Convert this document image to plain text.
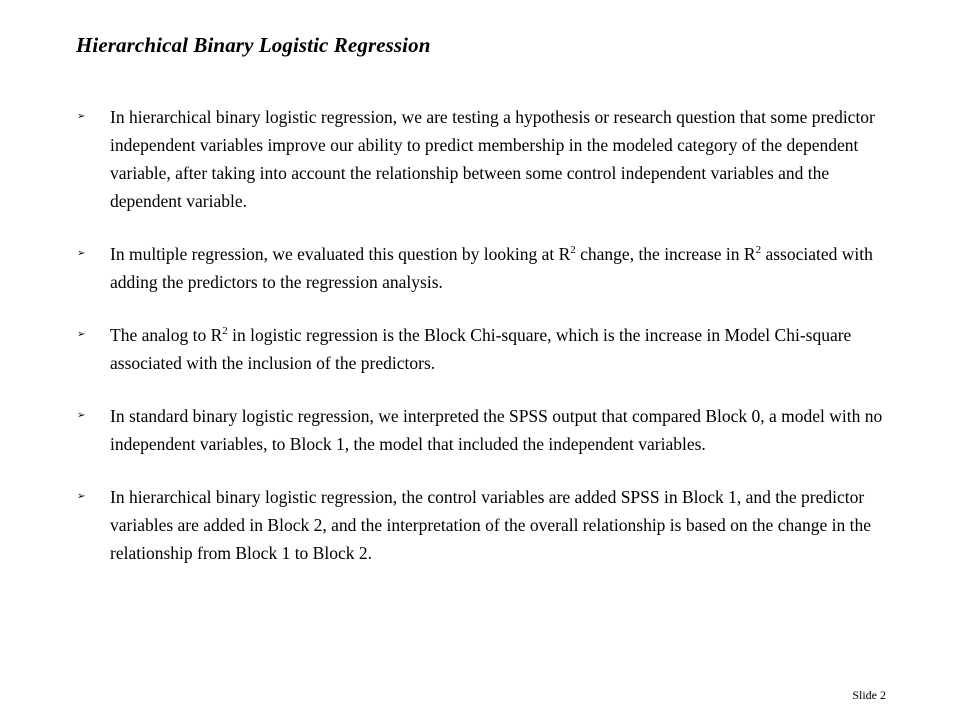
Hierarchical Binary Logistic Regression
➢ In hierarchical binary logistic regression, we are testing a hypothesis or research question that some predictor independent variables improve our ability to predict membership in the modeled category of the dependent variable, after taking into account the relationship between some control independent variables and the dependent variable.
➢ In multiple regression, we evaluated this question by looking at $R^2$ change, the increase in $R^2$ associated with adding the predictors to the regression analysis.
➢ The analog to $R^2$ in logistic regression is the Block Chi-square, which is the increase in Model Chi-square associated with the inclusion of the predictors.
➢ In standard binary logistic regression, we interpreted the SPSS output that compared Block 0, a model with no independent variables, to Block 1, the model that included the independent variables.
➢ In hierarchical binary logistic regression, the control variables are added SPSS in Block 1, and the predictor variables are added in Block 2, and the interpretation of the overall relationship is based on the change in the relationship from Block 1 to Block 2.
Slide 2
